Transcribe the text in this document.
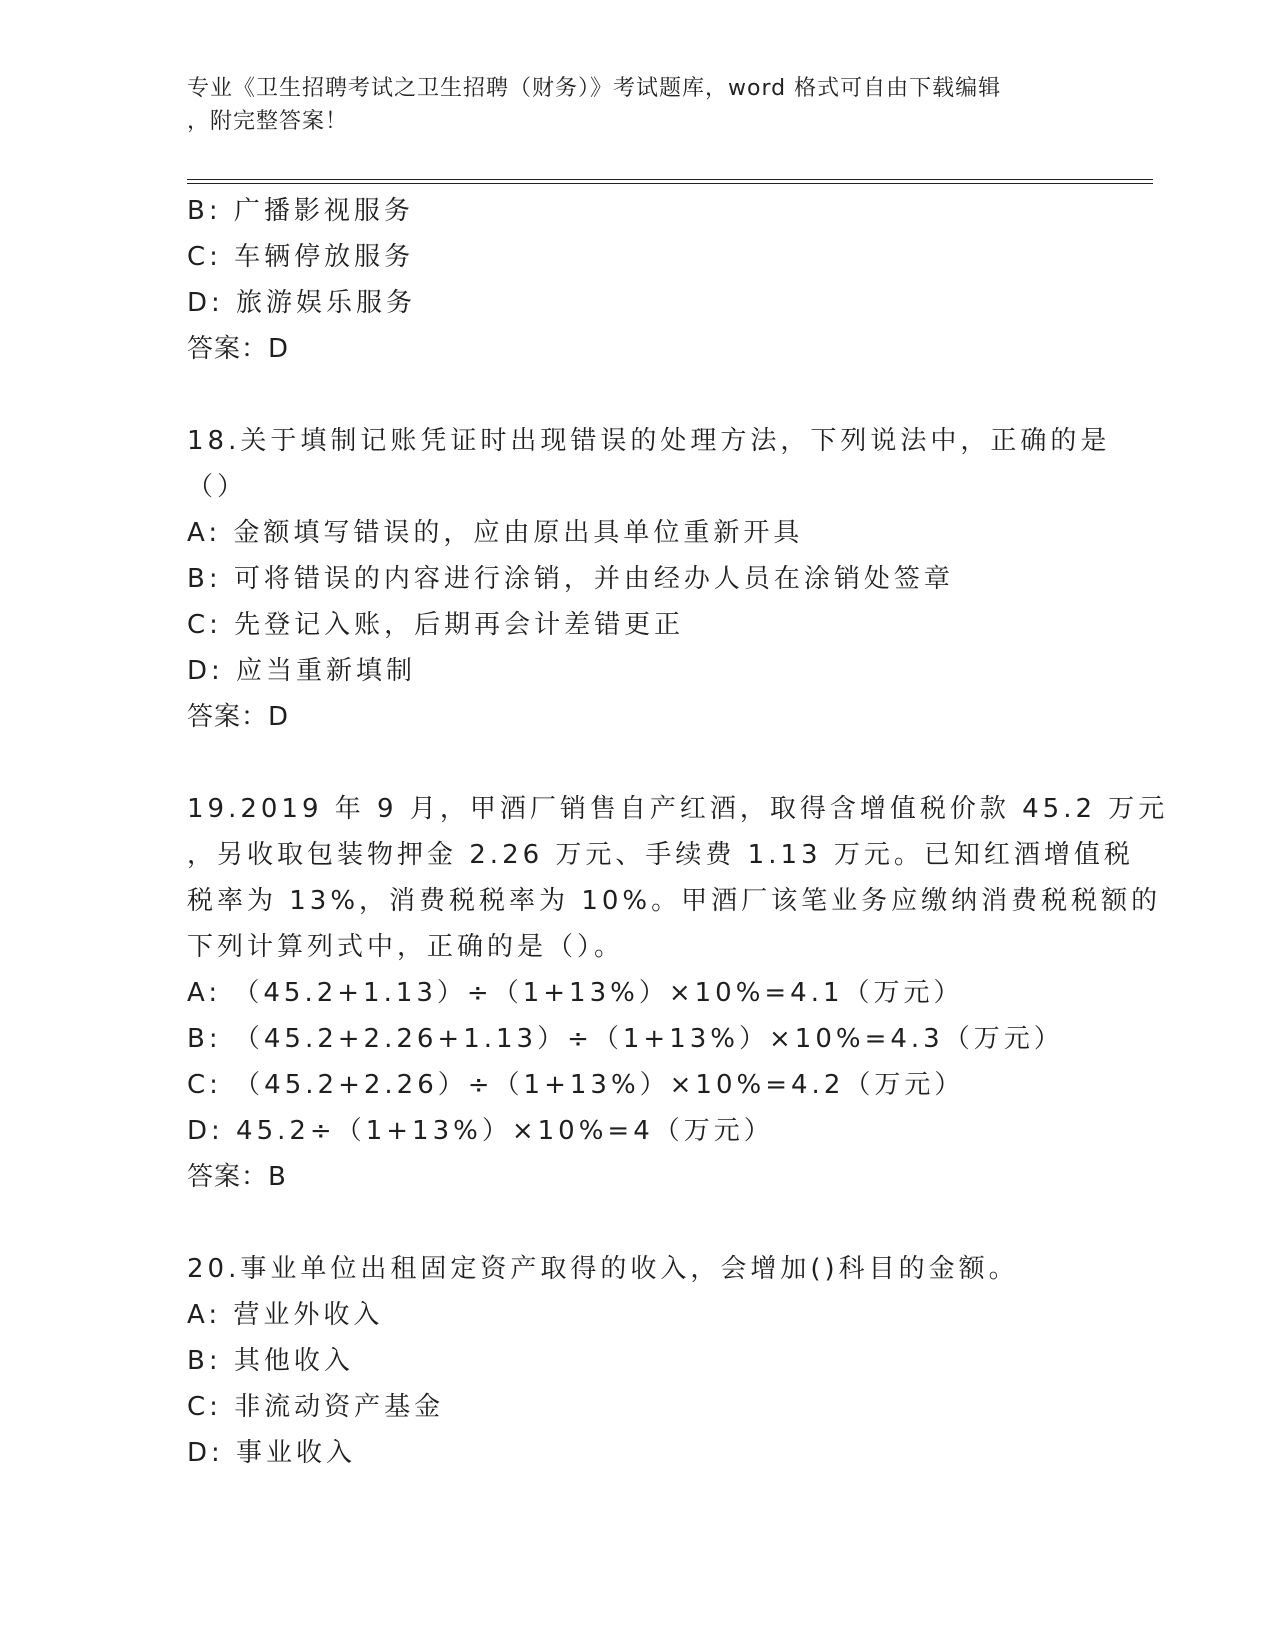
专业《卫生招聘考试之卫生招聘（财务）》考试题库，word 格式可自由下载编辑
，附完整答案！
B: 广播影视服务
C: 车辆停放服务
D: 旅游娱乐服务
答案：D
18.关于填制记账凭证时出现错误的处理方法，下列说法中，正确的是
（）
A: 金额填写错误的，应由原出具单位重新开具
B: 可将错误的内容进行涂销，并由经办人员在涂销处签章
C: 先登记入账，后期再会计差错更正
D: 应当重新填制
答案：D
19.2019 年 9 月，甲酒厂销售自产红酒，取得含增值税价款 45.2 万元
，另收取包装物押金 2.26 万元、手续费 1.13 万元。已知红酒增值税
税率为 13%，消费税税率为 10%。甲酒厂该笔业务应缴纳消费税税额的
下列计算列式中，正确的是（）。
A: （45.2+1.13）÷（1+13%）×10%=4.1（万元）
B: （45.2+2.26+1.13）÷（1+13%）×10%=4.3（万元）
C: （45.2+2.26）÷（1+13%）×10%=4.2（万元）
D: 45.2÷（1+13%）×10%=4（万元）
答案：B
20.事业单位出租固定资产取得的收入，会增加()科目的金额。
A: 营业外收入
B: 其他收入
C: 非流动资产基金
D: 事业收入
